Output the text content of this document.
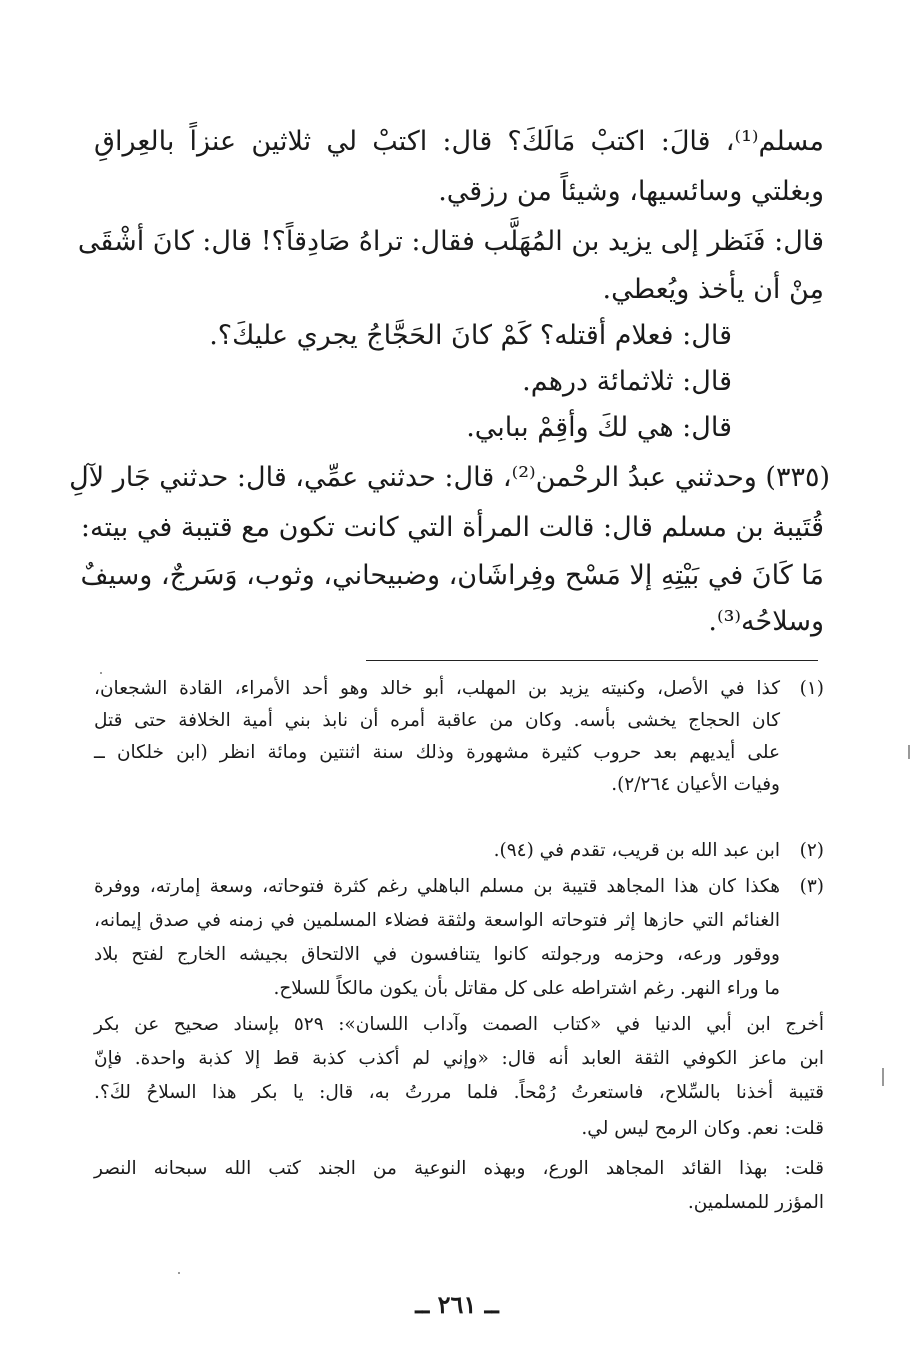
مسلم⁽¹⁾، قالَ: اكتبْ مَالَكَ؟ قال: اكتبْ لي ثلاثين عنزاً بالعِراقِ
وبغلتي وسائسيها، وشيئاً من رزقي.
قال: فَنَظر إلى يزيد بن المُهَلَّب فقال: تراهُ صَادِقاً؟! قال: كانَ أشْقَى
مِنْ أن يأخذ ويُعطي.
قال: فعلام أقتله؟ كَمْ كانَ الحَجَّاجُ يجري عليكَ؟.
قال: ثلاثمائة درهم.
قال: هي لكَ وأقِمْ ببابي.
(٣٣٥) وحدثني عبدُ الرحْمن⁽²⁾، قال: حدثني عمِّي، قال: حدثني جَار لآلِ
قُتَيبة بن مسلم قال: قالت المرأة التي كانت تكون مع قتيبة في بيته:
مَا كَانَ في بَيْتِهِ إلا مَسْح وفِراشَان، وضبيحاني، وثوب، وَسَرجٌ، وسيفٌ
وسلاحُه⁽³⁾.
(١)
كذا في الأصل، وكنيته يزيد بن المهلب، أبو خالد وهو أحد الأمراء، القادة الشجعان،
كان الحجاج يخشى بأسه. وكان من عاقبة أمره أن نابذ بني أمية الخلافة حتى قتل
على أيديهم بعد حروب كثيرة مشهورة وذلك سنة اثنتين ومائة انظر (ابن خلكان ــ
وفيات الأعيان ٢/٢٦٤).
(٢)
ابن عبد الله بن قريب، تقدم في (٩٤).
(٣)
هكذا كان هذا المجاهد قتيبة بن مسلم الباهلي رغم كثرة فتوحاته، وسعة إمارته، ووفرة
الغنائم التي حازها إثر فتوحاته الواسعة ولثقة فضلاء المسلمين في زمنه في صدق إيمانه،
ووقور ورعه، وحزمه ورجولته كانوا يتنافسون في الالتحاق بجيشه الخارج لفتح بلاد
ما وراء النهر. رغم اشتراطه على كل مقاتل بأن يكون مالكاً للسلاح.
أخرج ابن أبي الدنيا في «كتاب الصمت وآداب اللسان»: ٥٢٩ بإسناد صحيح عن بكر
ابن ماعز الكوفي الثقة العابد أنه قال: «وإني لم أكذب كذبة قط إلا كذبة واحدة. فإنّ
قتيبة أخذنا بالسِّلاح، فاستعرتُ رُمْحاً. فلما مررتُ به، قال: يا بكر هذا السلاحُ لكَ؟.
قلت: نعم. وكان الرمح ليس لي.
قلت: بهذا القائد المجاهد الورع، وبهذه النوعية من الجند كتب الله سبحانه النصر
المؤزر للمسلمين.
ــ ٢٦١ ــ
